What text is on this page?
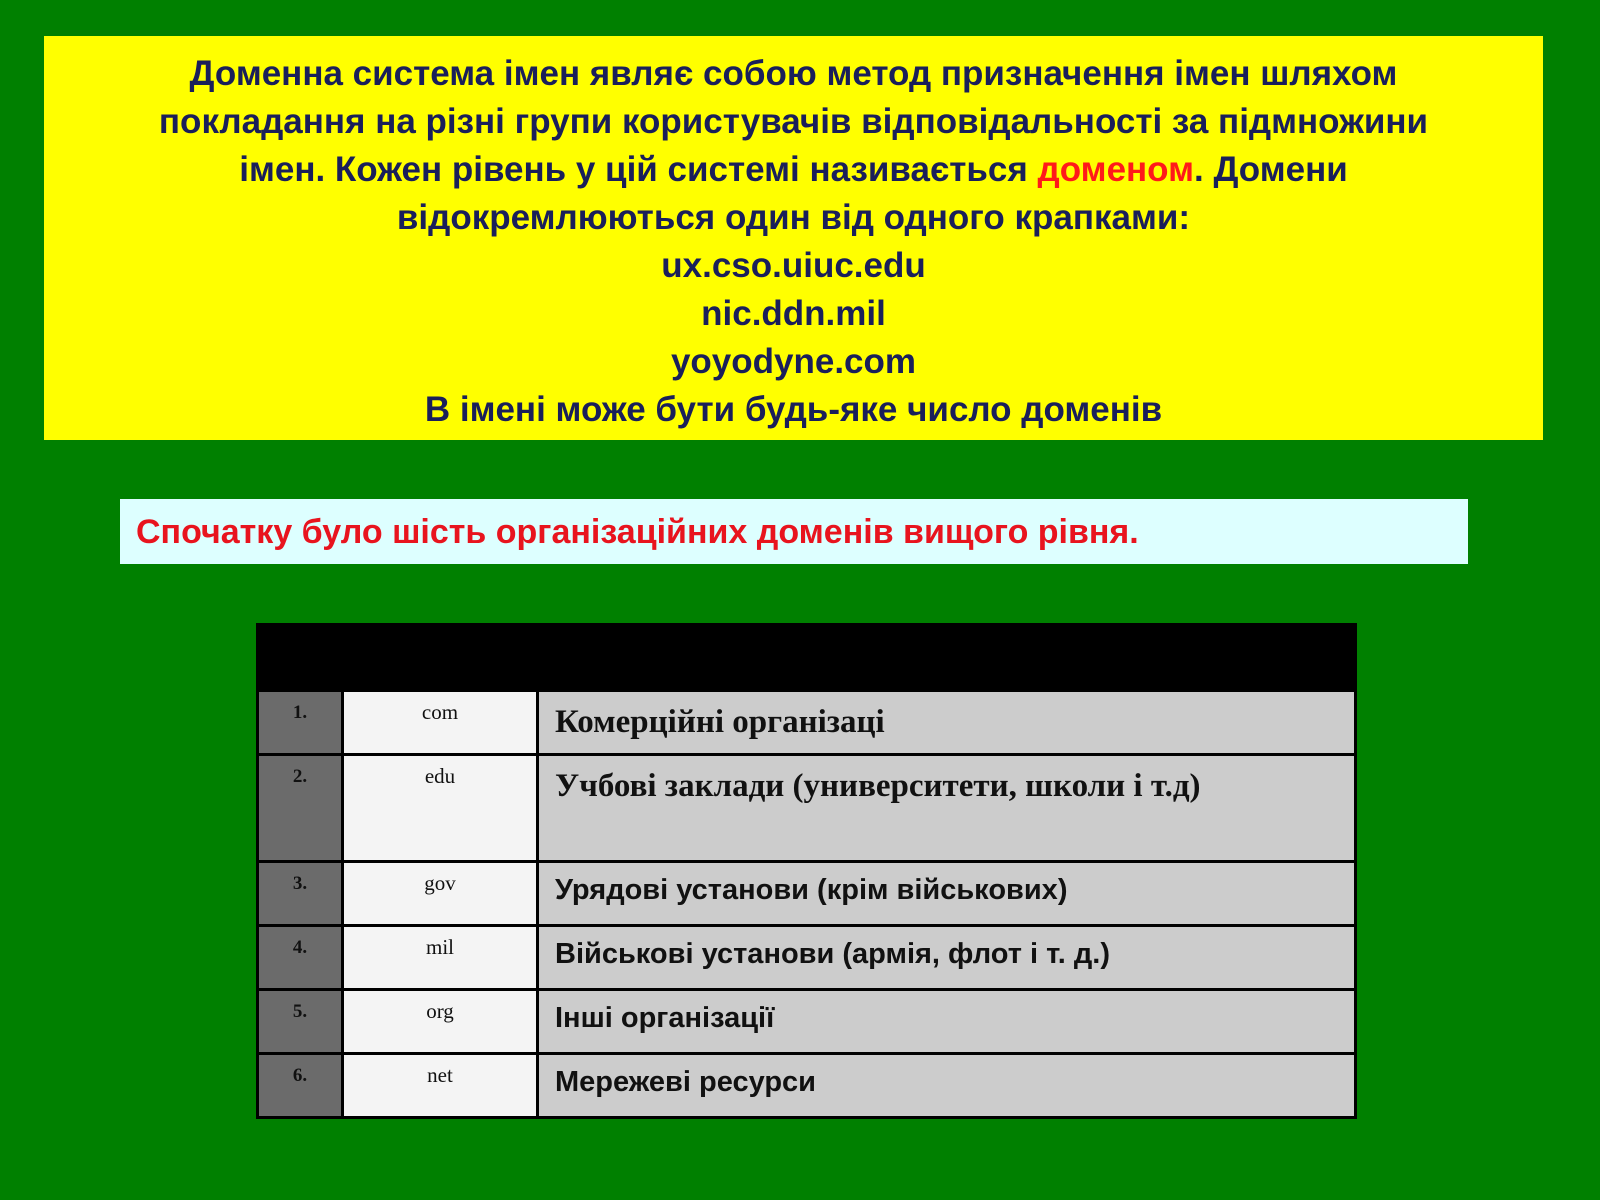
Доменна система імен являє собою метод призначення імен шляхом
покладання на різні групи користувачів відповідальності за підмножини
імен. Кожен рівень у цій системі називається доменом. Домени
відокремлюються один від одного крапками:
ux.cso.uiuc.edu
nic.ddn.mil
yoyodyne.com
В імені може бути будь-яке число доменів
Спочатку було шість організаційних доменів вищого рівня.

1.	com	Комерційні організаці
2.	edu	Учбові заклади (университети, школи і т.д)
3.	gov	Урядові установи (крім військових)
4.	mil	Військові установи (армія, флот і т. д.)
5.	org	Інші організації
6.	net	Мережеві ресурси
